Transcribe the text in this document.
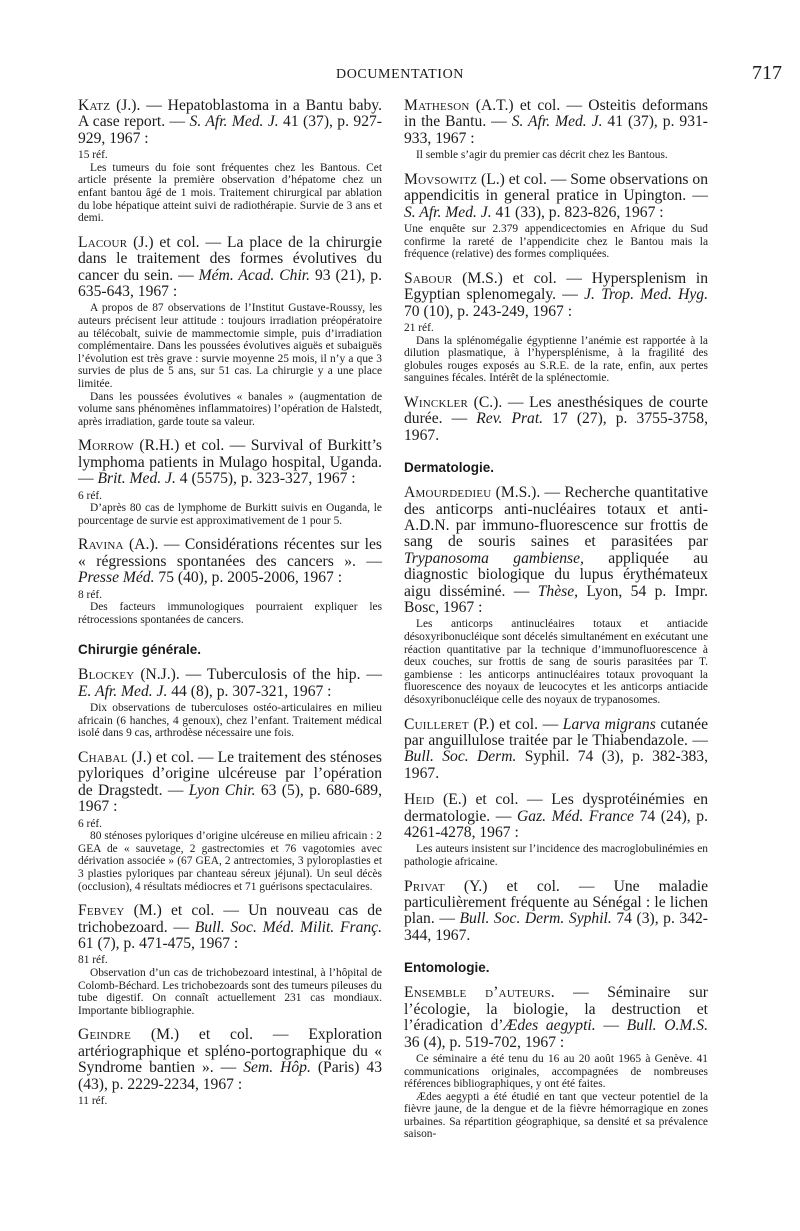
DOCUMENTATION	717
Katz (J.). — Hepatoblastoma in a Bantu baby. A case report. — S. Afr. Med. J. 41 (37), p. 927-929, 1967 :

15 réf.

Les tumeurs du foie sont fréquentes chez les Bantous. Cet article présente la première observation d’hépatome chez un enfant bantou âgé de 1 mois. Traitement chirurgical par ablation du lobe hépatique atteint suivi de radiothérapie. Survie de 3 ans et demi.

Lacour (J.) et col. — La place de la chirurgie dans le traitement des formes évolutives du cancer du sein. — Mém. Acad. Chir. 93 (21), p. 635-643, 1967 :

A propos de 87 observations de l’Institut Gustave-Roussy, les auteurs précisent leur attitude : toujours irradiation préopératoire au télécobalt, suivie de mammectomie simple, puis d’irradiation complémentaire. Dans les poussées évolutives aiguës et subaiguës l’évolution est très grave : survie moyenne 25 mois, il n’y a que 3 survies de plus de 5 ans, sur 51 cas. La chirurgie y a une place limitée.

Dans les poussées évolutives « banales » (augmentation de volume sans phénomènes inflammatoires) l’opération de Halstedt, après irradiation, garde toute sa valeur.

Morrow (R.H.) et col. — Survival of Burkitt’s lymphoma patients in Mulago hospital, Uganda. — Brit. Med. J. 4 (5575), p. 323-327, 1967 :

6 réf.

D’après 80 cas de lymphome de Burkitt suivis en Ouganda, le pourcentage de survie est approximativement de 1 pour 5.

Ravina (A.). — Considérations récentes sur les « régressions spontanées des cancers ». — Presse Méd. 75 (40), p. 2005-2006, 1967 :

8 réf.

Des facteurs immunologiques pourraient expliquer les rétrocessions spontanées de cancers.

Chirurgie générale.
Blockey (N.J.). — Tuberculosis of the hip. — E. Afr. Med. J. 44 (8), p. 307-321, 1967 :

Dix observations de tuberculoses ostéo-articulaires en milieu africain (6 hanches, 4 genoux), chez l’enfant. Traitement médical isolé dans 9 cas, arthrodèse nécessaire une fois.

Chabal (J.) et col. — Le traitement des sténoses pyloriques d’origine ulcéreuse par l’opération de Dragstedt. — Lyon Chir. 63 (5), p. 680-689, 1967 :

6 réf.

80 sténoses pyloriques d’origine ulcéreuse en milieu africain : 2 GEA de « sauvetage, 2 gastrectomies et 76 vagotomies avec dérivation associée » (67 GEA, 2 antrectomies, 3 pyloroplasties et 3 plasties pyloriques par chanteau séreux jéjunal). Un seul décès (occlusion), 4 résultats médiocres et 71 guérisons spectaculaires.

Febvey (M.) et col. — Un nouveau cas de trichobezoard. — Bull. Soc. Méd. Milit. Franç. 61 (7), p. 471-475, 1967 :

81 réf.

Observation d’un cas de trichobezoard intestinal, à l’hôpital de Colomb-Béchard. Les trichobezoards sont des tumeurs pileuses du tube digestif. On connaît actuellement 231 cas mondiaux. Importante bibliographie.

Geindre (M.) et col. — Exploration artériographique et spléno-portographique du « Syndrome bantien ». — Sem. Hôp. (Paris) 43 (43), p. 2229-2234, 1967 :

11 réf.

Matheson (A.T.) et col. — Osteitis deformans in the Bantu. — S. Afr. Med. J. 41 (37), p. 931-933, 1967 :

Il semble s’agir du premier cas décrit chez les Bantous.

Movsowitz (L.) et col. — Some observations on appendicitis in general pratice in Upington. — S. Afr. Med. J. 41 (33), p. 823-826, 1967 :

Une enquête sur 2.379 appendicectomies en Afrique du Sud confirme la rareté de l’appendicite chez le Bantou mais la fréquence (relative) des formes compliquées.

Sabour (M.S.) et col. — Hypersplenism in Egyptian splenomegaly. — J. Trop. Med. Hyg. 70 (10), p. 243-249, 1967 :

21 réf.

Dans la splénomégalie égyptienne l’anémie est rapportée à la dilution plasmatique, à l’hypersplénisme, à la fragilité des globules rouges exposés au S.R.E. de la rate, enfin, aux pertes sanguines fécales. Intérêt de la splénectomie.

Winckler (C.). — Les anesthésiques de courte durée. — Rev. Prat. 17 (27), p. 3755-3758, 1967.
Dermatologie.
Amourdedieu (M.S.). — Recherche quantitative des anticorps anti-nucléaires totaux et anti-A.D.N. par immuno-fluorescence sur frottis de sang de souris saines et parasitées par Trypanosoma gambiense, appliquée au diagnostic biologique du lupus érythémateux aigu disséminé. — Thèse, Lyon, 54 p. Impr. Bosc, 1967 :

Les anticorps antinucléaires totaux et antiacide désoxyribonucléique sont décelés simultanément en exécutant une réaction quantitative par la technique d’immunofluorescence à deux couches, sur frottis de sang de souris parasitées par T. gambiense : les anticorps antinucléaires totaux provoquant la fluorescence des noyaux de leucocytes et les anticorps antiacide désoxyribonucléique celle des noyaux de trypanosomes.

Cuilleret (P.) et col. — Larva migrans cutanée par anguillulose traitée par le Thiabendazole. — Bull. Soc. Derm. Syphil. 74 (3), p. 382-383, 1967.
Heid (E.) et col. — Les dysprotéinémies en dermatologie. — Gaz. Méd. France 74 (24), p. 4261-4278, 1967 :

Les auteurs insistent sur l’incidence des macroglobulinémies en pathologie africaine.

Privat (Y.) et col. — Une maladie particulièrement fréquente au Sénégal : le lichen plan. — Bull. Soc. Derm. Syphil. 74 (3), p. 342-344, 1967.
Entomologie.
Ensemble d’auteurs. — Séminaire sur l’écologie, la biologie, la destruction et l’éradication d’Ædes aegypti. — Bull. O.M.S. 36 (4), p. 519-702, 1967 :

Ce séminaire a été tenu du 16 au 20 août 1965 à Genève. 41 communications originales, accompagnées de nombreuses références bibliographiques, y ont été faites.

Ædes aegypti a été étudié en tant que vecteur potentiel de la fièvre jaune, de la dengue et de la fièvre hémorragique en zones urbaines. Sa répartition géographique, sa densité et sa prévalence saison-
